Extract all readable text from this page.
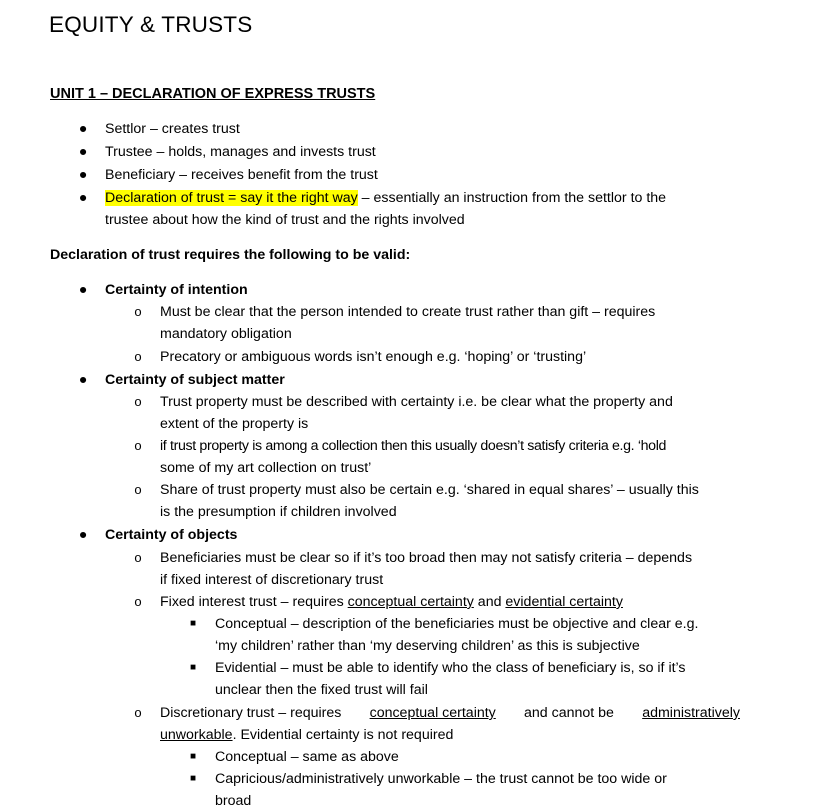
EQUITY & TRUSTS
UNIT 1 – DECLARATION OF EXPRESS TRUSTS
● Settlor – creates trust
● Trustee – holds, manages and invests trust
● Beneficiary – receives benefit from the trust
● Declaration of trust = say it the right way – essentially an instruction from the settlor to the
trustee about how the kind of trust and the rights involved
Declaration of trust requires the following to be valid:
● Certainty of intention
o Must be clear that the person intended to create trust rather than gift – requires
mandatory obligation
o Precatory or ambiguous words isn’t enough e.g. ‘hoping’ or ‘trusting’
● Certainty of subject matter
o Trust property must be described with certainty i.e. be clear what the property and
extent of the property is
o if trust property is among a collection then this usually doesn’t satisfy criteria e.g. ‘hold
some of my art collection on trust’
o Share of trust property must also be certain e.g. ‘shared in equal shares’ – usually this
is the presumption if children involved
● Certainty of objects
o Beneficiaries must be clear so if it’s too broad then may not satisfy criteria – depends
if fixed interest of discretionary trust
o Fixed interest trust – requires conceptual certainty and evidential certainty
■ Conceptual – description of the beneficiaries must be objective and clear e.g.
‘my children’ rather than ‘my deserving children’ as this is subjective
■ Evidential – must be able to identify who the class of beneficiary is, so if it’s
unclear then the fixed trust will fail
o Discretionary trust – requires conceptual certainty and cannot be administratively
unworkable. Evidential certainty is not required
■ Conceptual – same as above
■ Capricious/administratively unworkable – the trust cannot be too wide or
broad
